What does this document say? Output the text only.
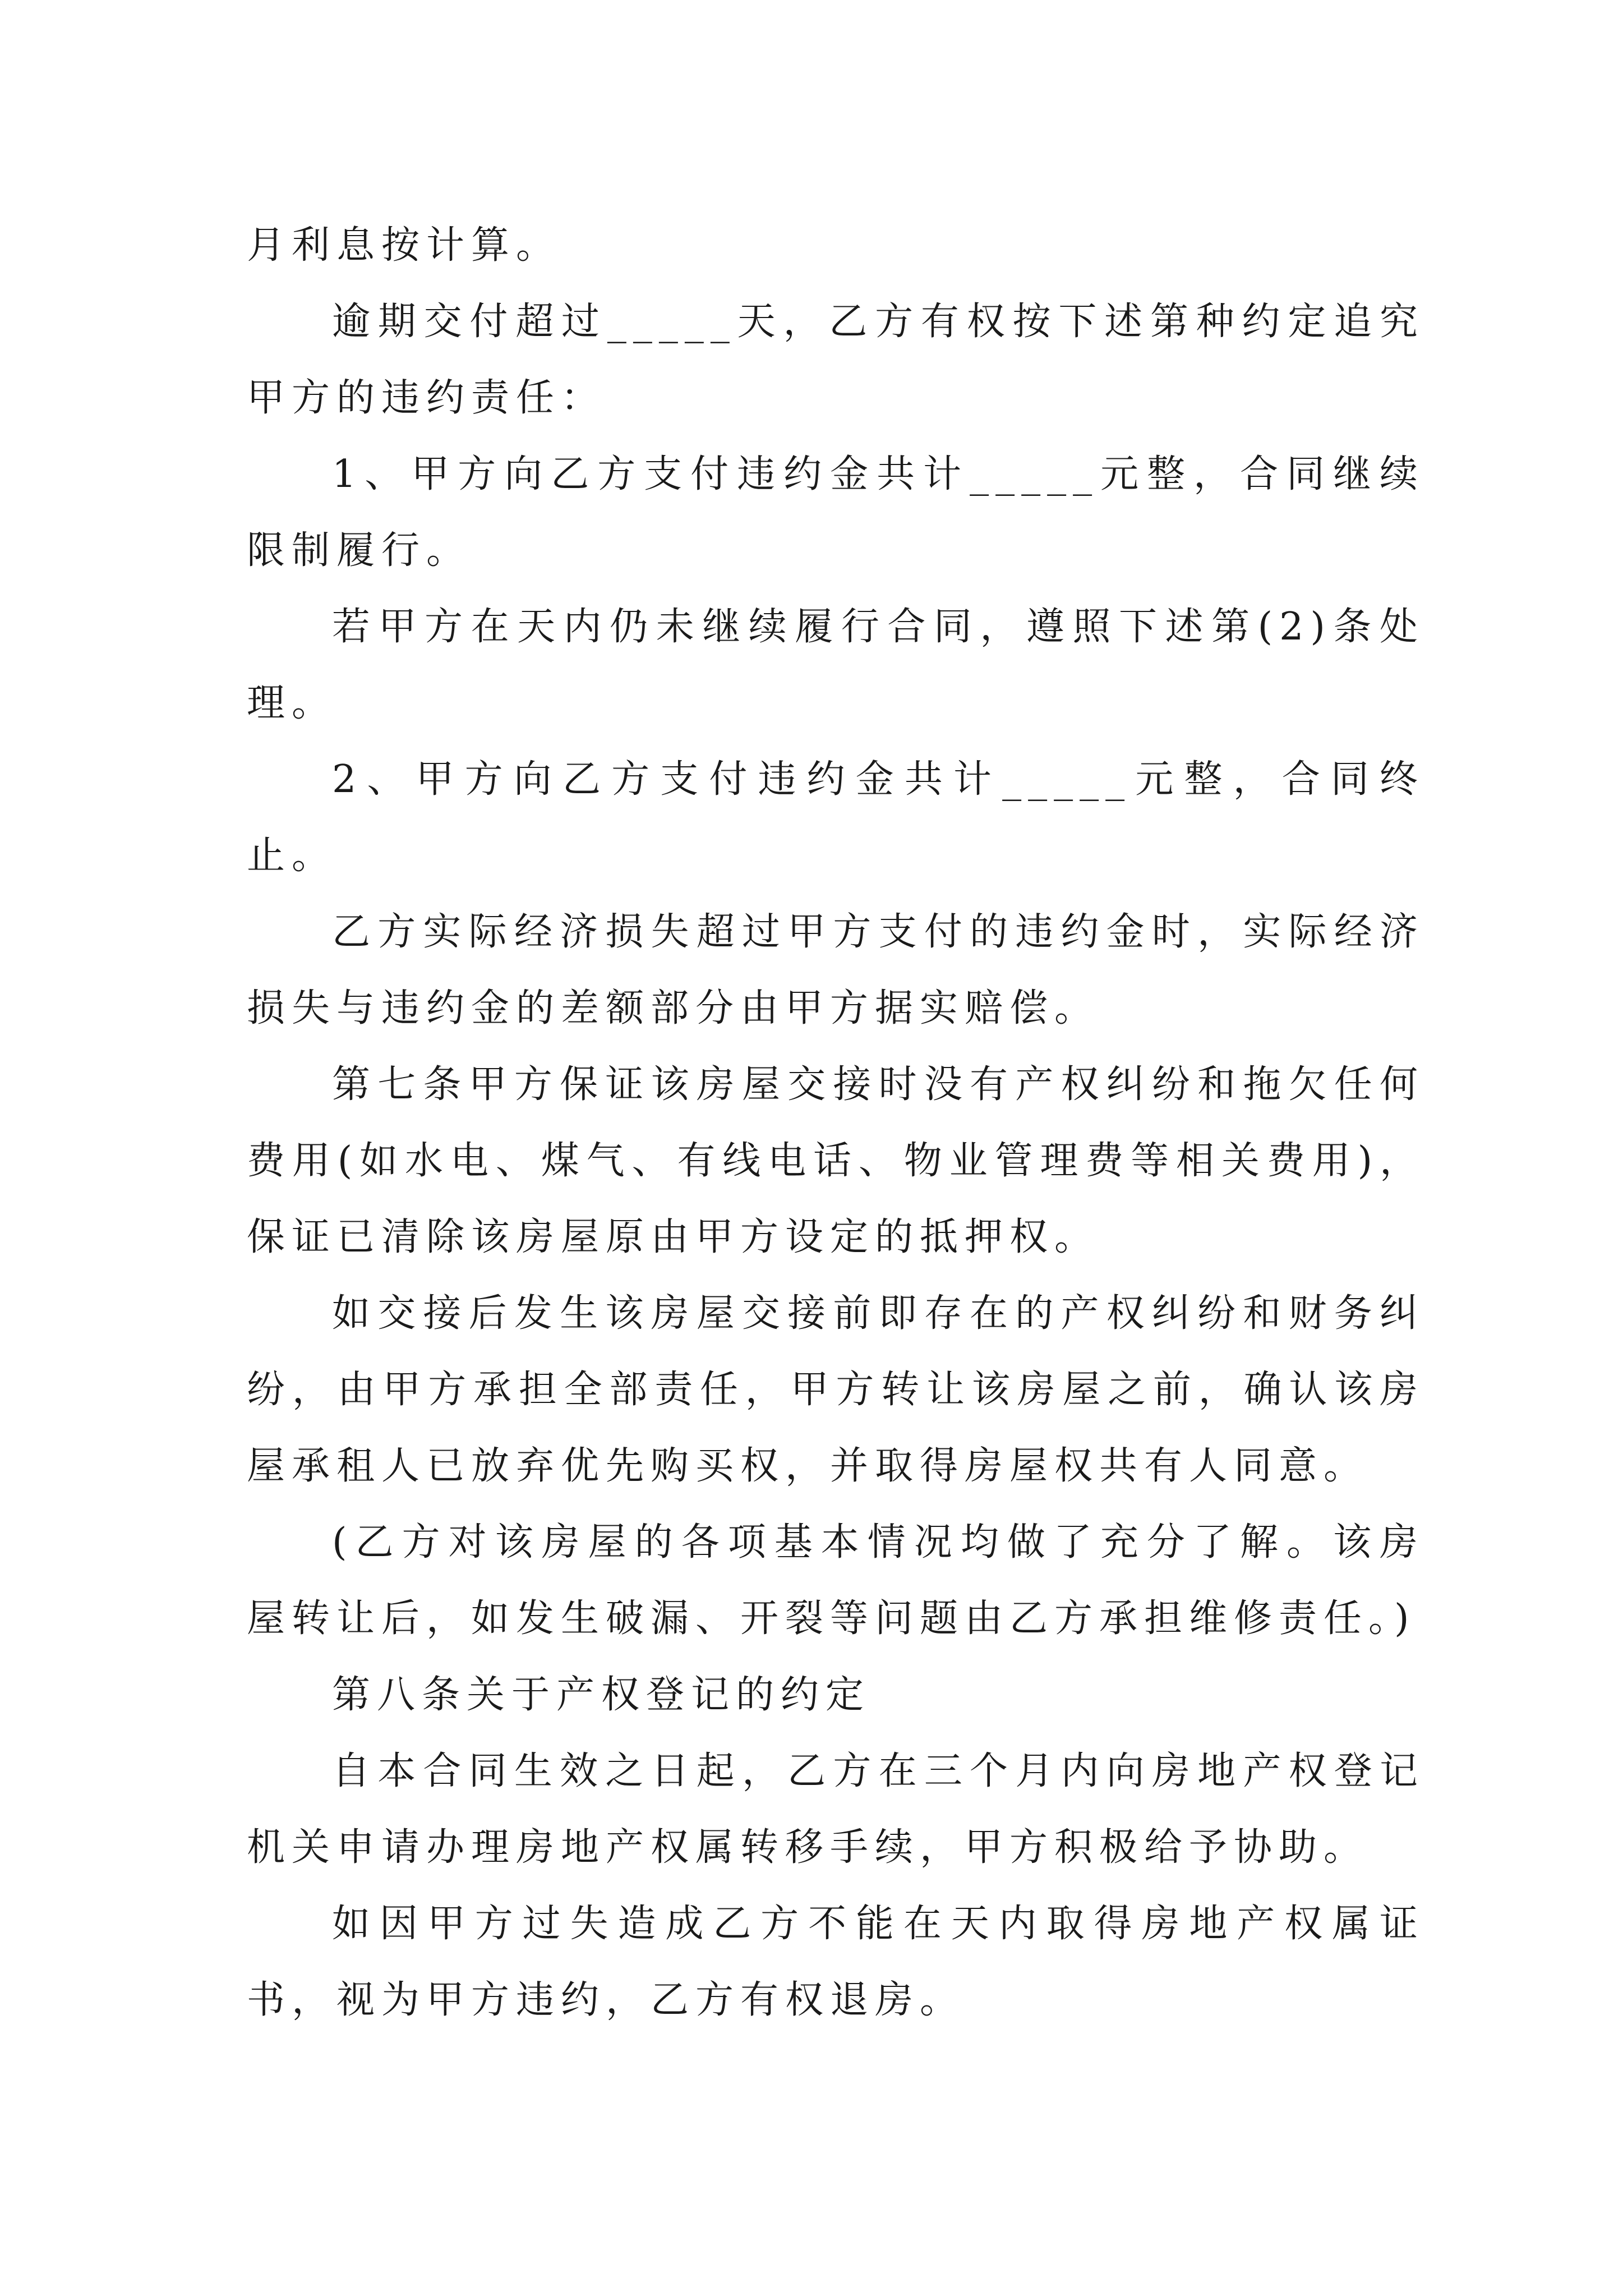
月利息按计算。

逾期交付超过_____天，乙方有权按下述第种约定追究甲方的违约责任：

1、甲方向乙方支付违约金共计_____元整，合同继续限制履行。

若甲方在天内仍未继续履行合同，遵照下述第(2)条处理。

2、甲方向乙方支付违约金共计_____元整，合同终止。

乙方实际经济损失超过甲方支付的违约金时，实际经济损失与违约金的差额部分由甲方据实赔偿。

第七条甲方保证该房屋交接时没有产权纠纷和拖欠任何费用(如水电、煤气、有线电话、物业管理费等相关费用)，保证已清除该房屋原由甲方设定的抵押权。

如交接后发生该房屋交接前即存在的产权纠纷和财务纠纷，由甲方承担全部责任，甲方转让该房屋之前，确认该房屋承租人已放弃优先购买权，并取得房屋权共有人同意。

(乙方对该房屋的各项基本情况均做了充分了解。该房屋转让后，如发生破漏、开裂等问题由乙方承担维修责任。)

第八条关于产权登记的约定

自本合同生效之日起，乙方在三个月内向房地产权登记机关申请办理房地产权属转移手续，甲方积极给予协助。

如因甲方过失造成乙方不能在天内取得房地产权属证书，视为甲方违约，乙方有权退房。
